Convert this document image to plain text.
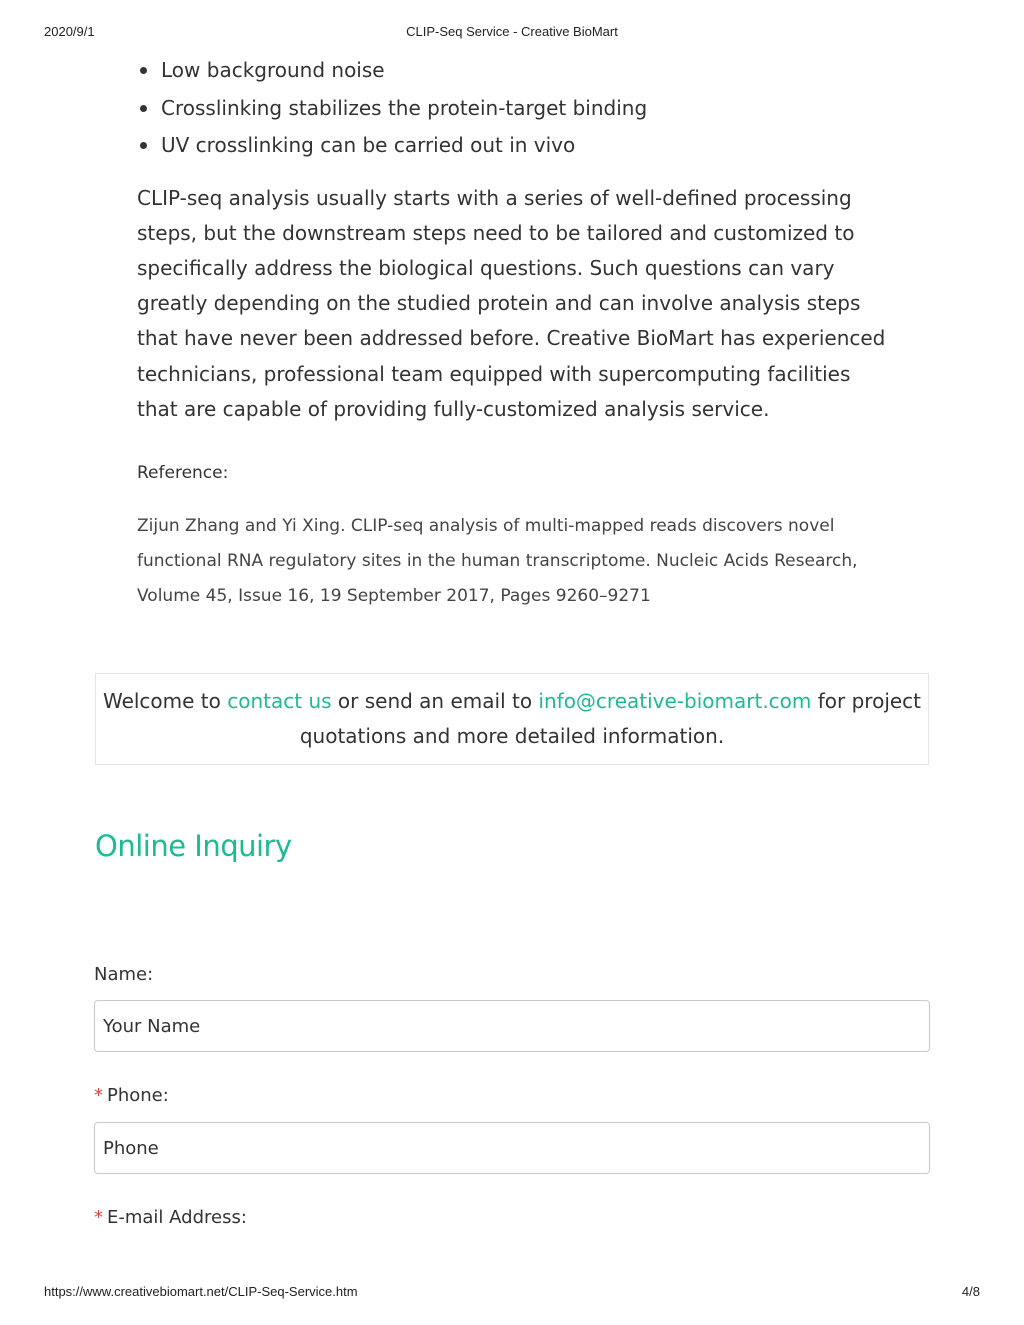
2020/9/1	CLIP-Seq Service - Creative BioMart
Low background noise
Crosslinking stabilizes the protein-target binding
UV crosslinking can be carried out in vivo

CLIP-seq analysis usually starts with a series of well-defined processing steps, but the downstream steps need to be tailored and customized to specifically address the biological questions. Such questions can vary greatly depending on the studied protein and can involve analysis steps that have never been addressed before. Creative BioMart has experienced technicians, professional team equipped with supercomputing facilities that are capable of providing fully-customized analysis service.

Reference:
Zijun Zhang and Yi Xing. CLIP-seq analysis of multi-mapped reads discovers novel functional RNA regulatory sites in the human transcriptome. Nucleic Acids Research, Volume 45, Issue 16, 19 September 2017, Pages 9260–9271
Welcome to contact us or send an email to info@creative-biomart.com for project quotations and more detailed information.
Online Inquiry
Name:
Your Name
* Phone:
Phone
* E-mail Address:
https://www.creativebiomart.net/CLIP-Seq-Service.htm	4/8
